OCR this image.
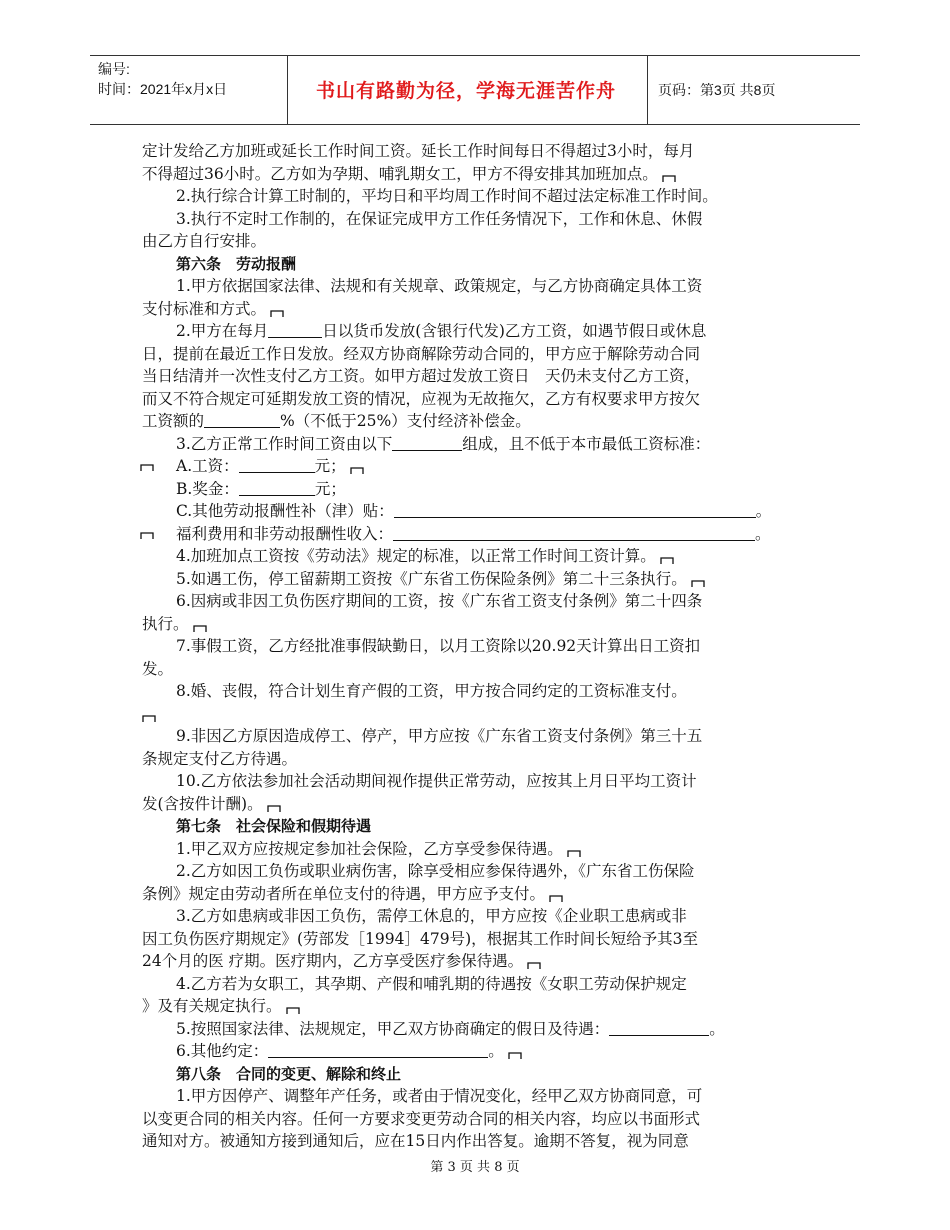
编号:
时间：2021年x月x日	书山有路勤为径，学海无涯苦作舟	页码：第3页 共8页
定计发给乙方加班或延长工作时间工资。延长工作时间每日不得超过3小时，每月
不得超过36小时。乙方如为孕期、哺乳期女工，甲方不得安排其加班加点。
2.执行综合计算工时制的，平均日和平均周工作时间不超过法定标准工作时间。
3.执行不定时工作制的，在保证完成甲方工作任务情况下，工作和休息、休假
由乙方自行安排。
第六条　劳动报酬
1.甲方依据国家法律、法规和有关规章、政策规定，与乙方协商确定具体工资
支付标准和方式。
2.甲方在每月	日以货币发放(含银行代发)乙方工资，如遇节假日或休息
日，提前在最近工作日发放。经双方协商解除劳动合同的，甲方应于解除劳动合同
当日结清并一次性支付乙方工资。如甲方超过发放工资日　天仍未支付乙方工资，
而又不符合规定可延期发放工资的情况，应视为无故拖欠，乙方有权要求甲方按欠
工资额的	%（不低于25%）支付经济补偿金。
3.乙方正常工作时间工资由以下	组成，且不低于本市最低工资标准：
A.工资：	元；
B.奖金：	元；
C.其他劳动报酬性补（津）贴：	。
福利费用和非劳动报酬性收入：	。
4.加班加点工资按《劳动法》规定的标准，以正常工作时间工资计算。
5.如遇工伤，停工留薪期工资按《广东省工伤保险条例》第二十三条执行。
6.因病或非因工负伤医疗期间的工资，按《广东省工资支付条例》第二十四条
执行。
7.事假工资，乙方经批准事假缺勤日，以月工资除以20.92天计算出日工资扣
发。
8.婚、丧假，符合计划生育产假的工资，甲方按合同约定的工资标准支付。
9.非因乙方原因造成停工、停产，甲方应按《广东省工资支付条例》第三十五
条规定支付乙方待遇。
10.乙方依法参加社会活动期间视作提供正常劳动，应按其上月日平均工资计
发(含按件计酬)。
第七条　社会保险和假期待遇
1.甲乙双方应按规定参加社会保险，乙方享受参保待遇。
2.乙方如因工负伤或职业病伤害，除享受相应参保待遇外，《广东省工伤保险
条例》规定由劳动者所在单位支付的待遇，甲方应予支付。
3.乙方如患病或非因工负伤，需停工休息的，甲方应按《企业职工患病或非
因工负伤医疗期规定》(劳部发［1994］479号)，根据其工作时间长短给予其3至
24个月的医 疗期。医疗期内，乙方享受医疗参保待遇。
4.乙方若为女职工，其孕期、产假和哺乳期的待遇按《女职工劳动保护规定
》及有关规定执行。
5.按照国家法律、法规规定，甲乙双方协商确定的假日及待遇：	。
6.其他约定：	。
第八条　合同的变更、解除和终止
1.甲方因停产、调整年产任务，或者由于情况变化，经甲乙双方协商同意，可
以变更合同的相关内容。任何一方要求变更劳动合同的相关内容，均应以书面形式
通知对方。被通知方接到通知后，应在15日内作出答复。逾期不答复，视为同意
第 3 页 共 8 页
